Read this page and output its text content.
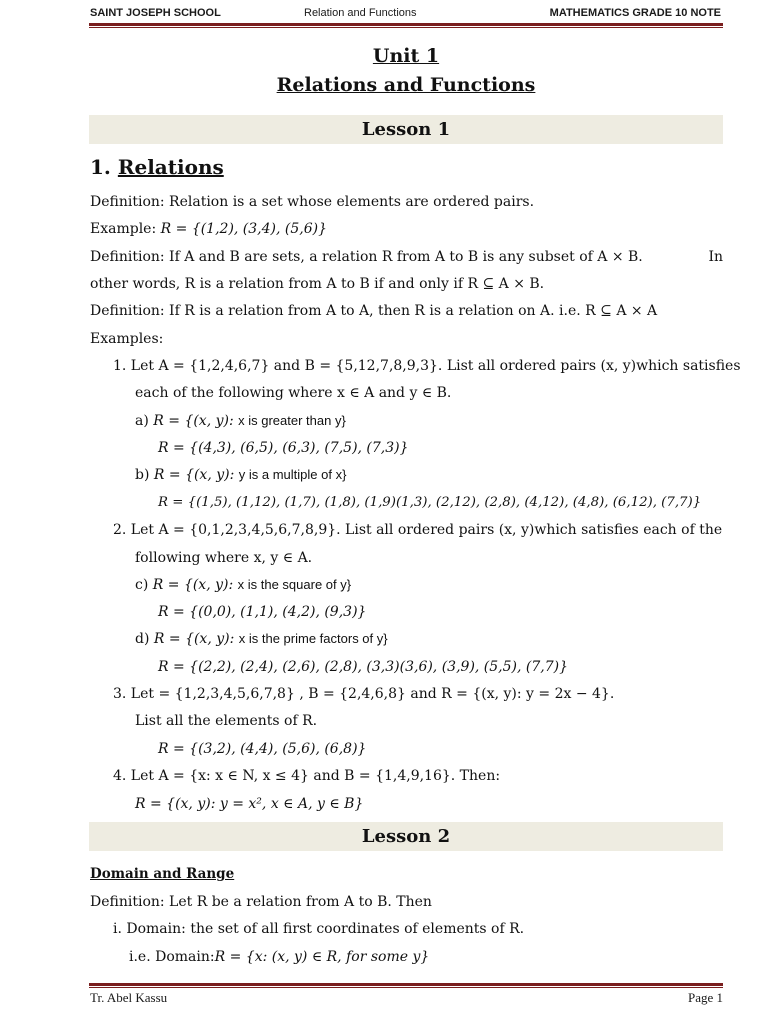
SAINT JOSEPH SCHOOL	Relation and Functions	MATHEMATICS GRADE 10 NOTE
Unit 1
Relations and Functions
Lesson 1
1. Relations
Definition: Relation is a set whose elements are ordered pairs.
Example: R = {(1,2), (3,4), (5,6)}
Definition: If A and B are sets, a relation R from A to B is any subset of A × B.	In
other words, R is a relation from A to B if and only if R ⊆ A × B.
Definition: If R is a relation from A to A, then R is a relation on A. i.e. R ⊆ A × A
Examples:
1. Let A = {1,2,4,6,7} and B = {5,12,7,8,9,3}. List all ordered pairs (x, y)which satisfies
each of the following where x ∈ A and y ∈ B.
a) R = {(x, y): x is greater than y}
R = {(4,3), (6,5), (6,3), (7,5), (7,3)}
b) R = {(x, y): y is a multiple of x}
R = {(1,5), (1,12), (1,7), (1,8), (1,9)(1,3), (2,12), (2,8), (4,12), (4,8), (6,12), (7,7)}
2. Let A = {0,1,2,3,4,5,6,7,8,9}. List all ordered pairs (x, y)which satisfies each of the
following where x, y ∈ A.
c) R = {(x, y): x is the square of y}
R = {(0,0), (1,1), (4,2), (9,3)}
d) R = {(x, y): x is the prime factors of y}
R = {(2,2), (2,4), (2,6), (2,8), (3,3)(3,6), (3,9), (5,5), (7,7)}
3. Let = {1,2,3,4,5,6,7,8} , B = {2,4,6,8} and R = {(x, y): y = 2x − 4}.
List all the elements of R.
R = {(3,2), (4,4), (5,6), (6,8)}
4. Let A = {x: x ∈ N, x ≤ 4} and B = {1,4,9,16}. Then:
R = {(x, y): y = x², x ∈ A, y ∈ B}
Lesson 2
Domain and Range
Definition: Let R be a relation from A to B. Then
i. Domain: the set of all first coordinates of elements of R.
i.e. Domain:R = {x: (x, y) ∈ R, for some y}
Tr. Abel Kassu	Page 1
